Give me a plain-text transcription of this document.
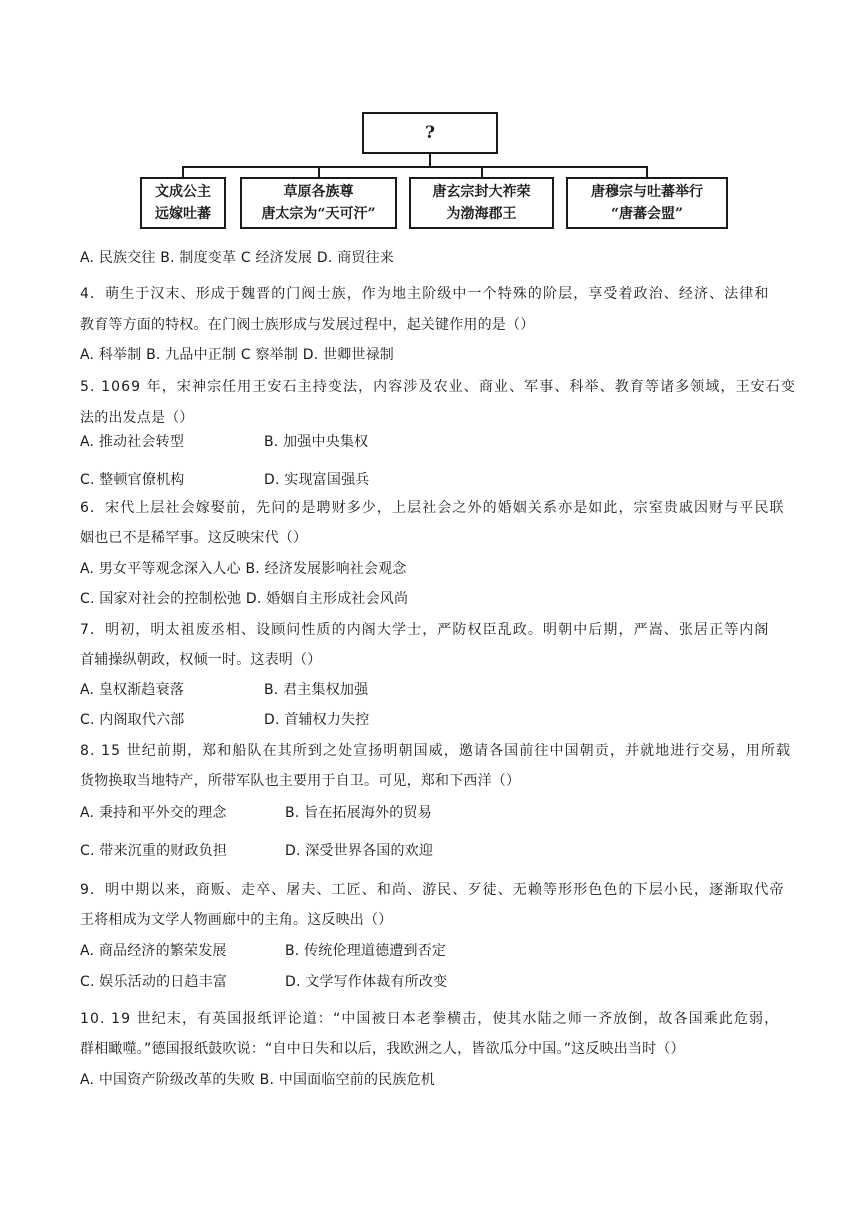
?
文成公主
远嫁吐蕃
草原各族尊
唐太宗为“天可汗”
唐玄宗封大祚荣
为渤海郡王
唐穆宗与吐蕃举行
“唐蕃会盟”
A. 民族交往 B. 制度变革 C 经济发展 D. 商贸往来
4．萌生于汉末、形成于魏晋的门阀士族，作为地主阶级中一个特殊的阶层，享受着政治、经济、法律和
教育等方面的特权。在门阀士族形成与发展过程中，起关键作用的是（）
A. 科举制 B. 九品中正制 C 察举制 D. 世卿世禄制
5. 1069 年，宋神宗任用王安石主持变法，内容涉及农业、商业、军事、科举、教育等诸多领域，王安石变
法的出发点是（）
A. 推动社会转型	B. 加强中央集权
C. 整顿官僚机构	D. 实现富国强兵
6．宋代上层社会嫁娶前，先问的是聘财多少，上层社会之外的婚姻关系亦是如此，宗室贵戚因财与平民联
姻也已不是稀罕事。这反映宋代（）
A. 男女平等观念深入人心 B. 经济发展影响社会观念
C. 国家对社会的控制松弛 D. 婚姻自主形成社会风尚
7．明初，明太祖废丞相、设顾问性质的内阁大学士，严防权臣乱政。明朝中后期，严嵩、张居正等内阁
首辅操纵朝政，权倾一时。这表明（）
A. 皇权渐趋衰落	B. 君主集权加强
C. 内阁取代六部	D. 首辅权力失控
8. 15 世纪前期，郑和船队在其所到之处宣扬明朝国威，邀请各国前往中国朝贡，并就地进行交易，用所载
货物换取当地特产，所带军队也主要用于自卫。可见，郑和下西洋（）
A. 秉持和平外交的理念	B. 旨在拓展海外的贸易
C. 带来沉重的财政负担	D. 深受世界各国的欢迎
9．明中期以来，商贩、走卒、屠夫、工匠、和尚、游民、歹徒、无赖等形形色色的下层小民，逐渐取代帝
王将相成为文学人物画廊中的主角。这反映出（）
A. 商品经济的繁荣发展	B. 传统伦理道德遭到否定
C. 娱乐活动的日趋丰富	D. 文学写作体裁有所改变
10. 19 世纪末，有英国报纸评论道：“中国被日本老拳横击，使其水陆之师一齐放倒，故各国乘此危弱，
群相瞰噬。”德国报纸鼓吹说：“自中日失和以后，我欧洲之人，皆欲瓜分中国。”这反映出当时（）
A. 中国资产阶级改革的失败 B. 中国面临空前的民族危机
